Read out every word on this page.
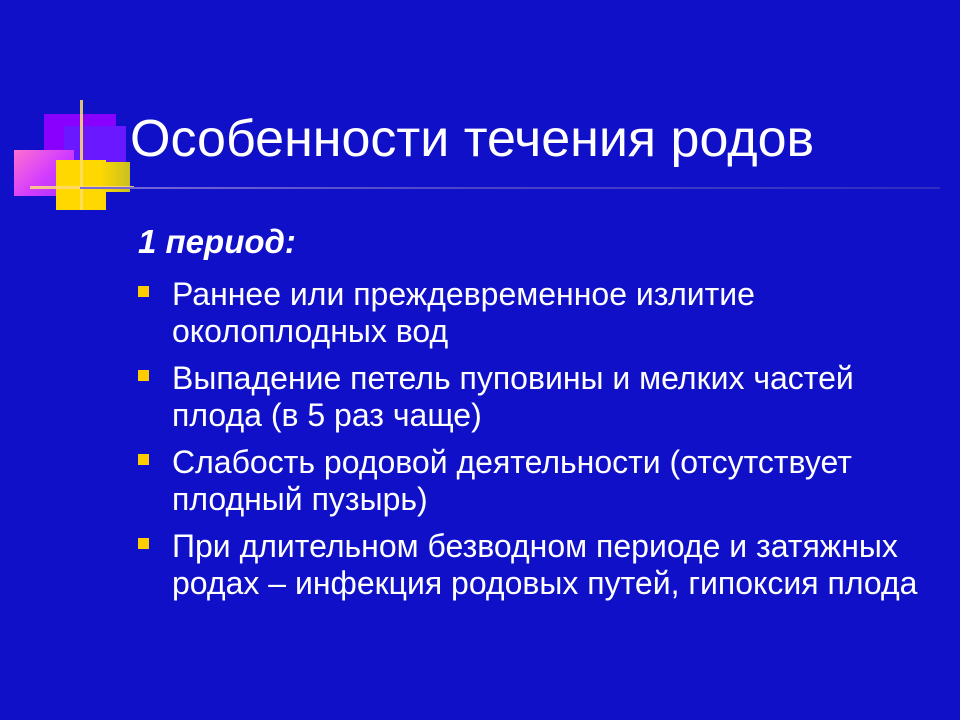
Особенности течения родов

1 период:

Раннее или преждевременное излитие околоплодных вод
Выпадение петель пуповины и мелких частей плода (в 5 раз чаще)
Слабость родовой деятельности (отсутствует плодный пузырь)
При длительном безводном периоде и затяжных родах – инфекция родовых путей, гипоксия плода
